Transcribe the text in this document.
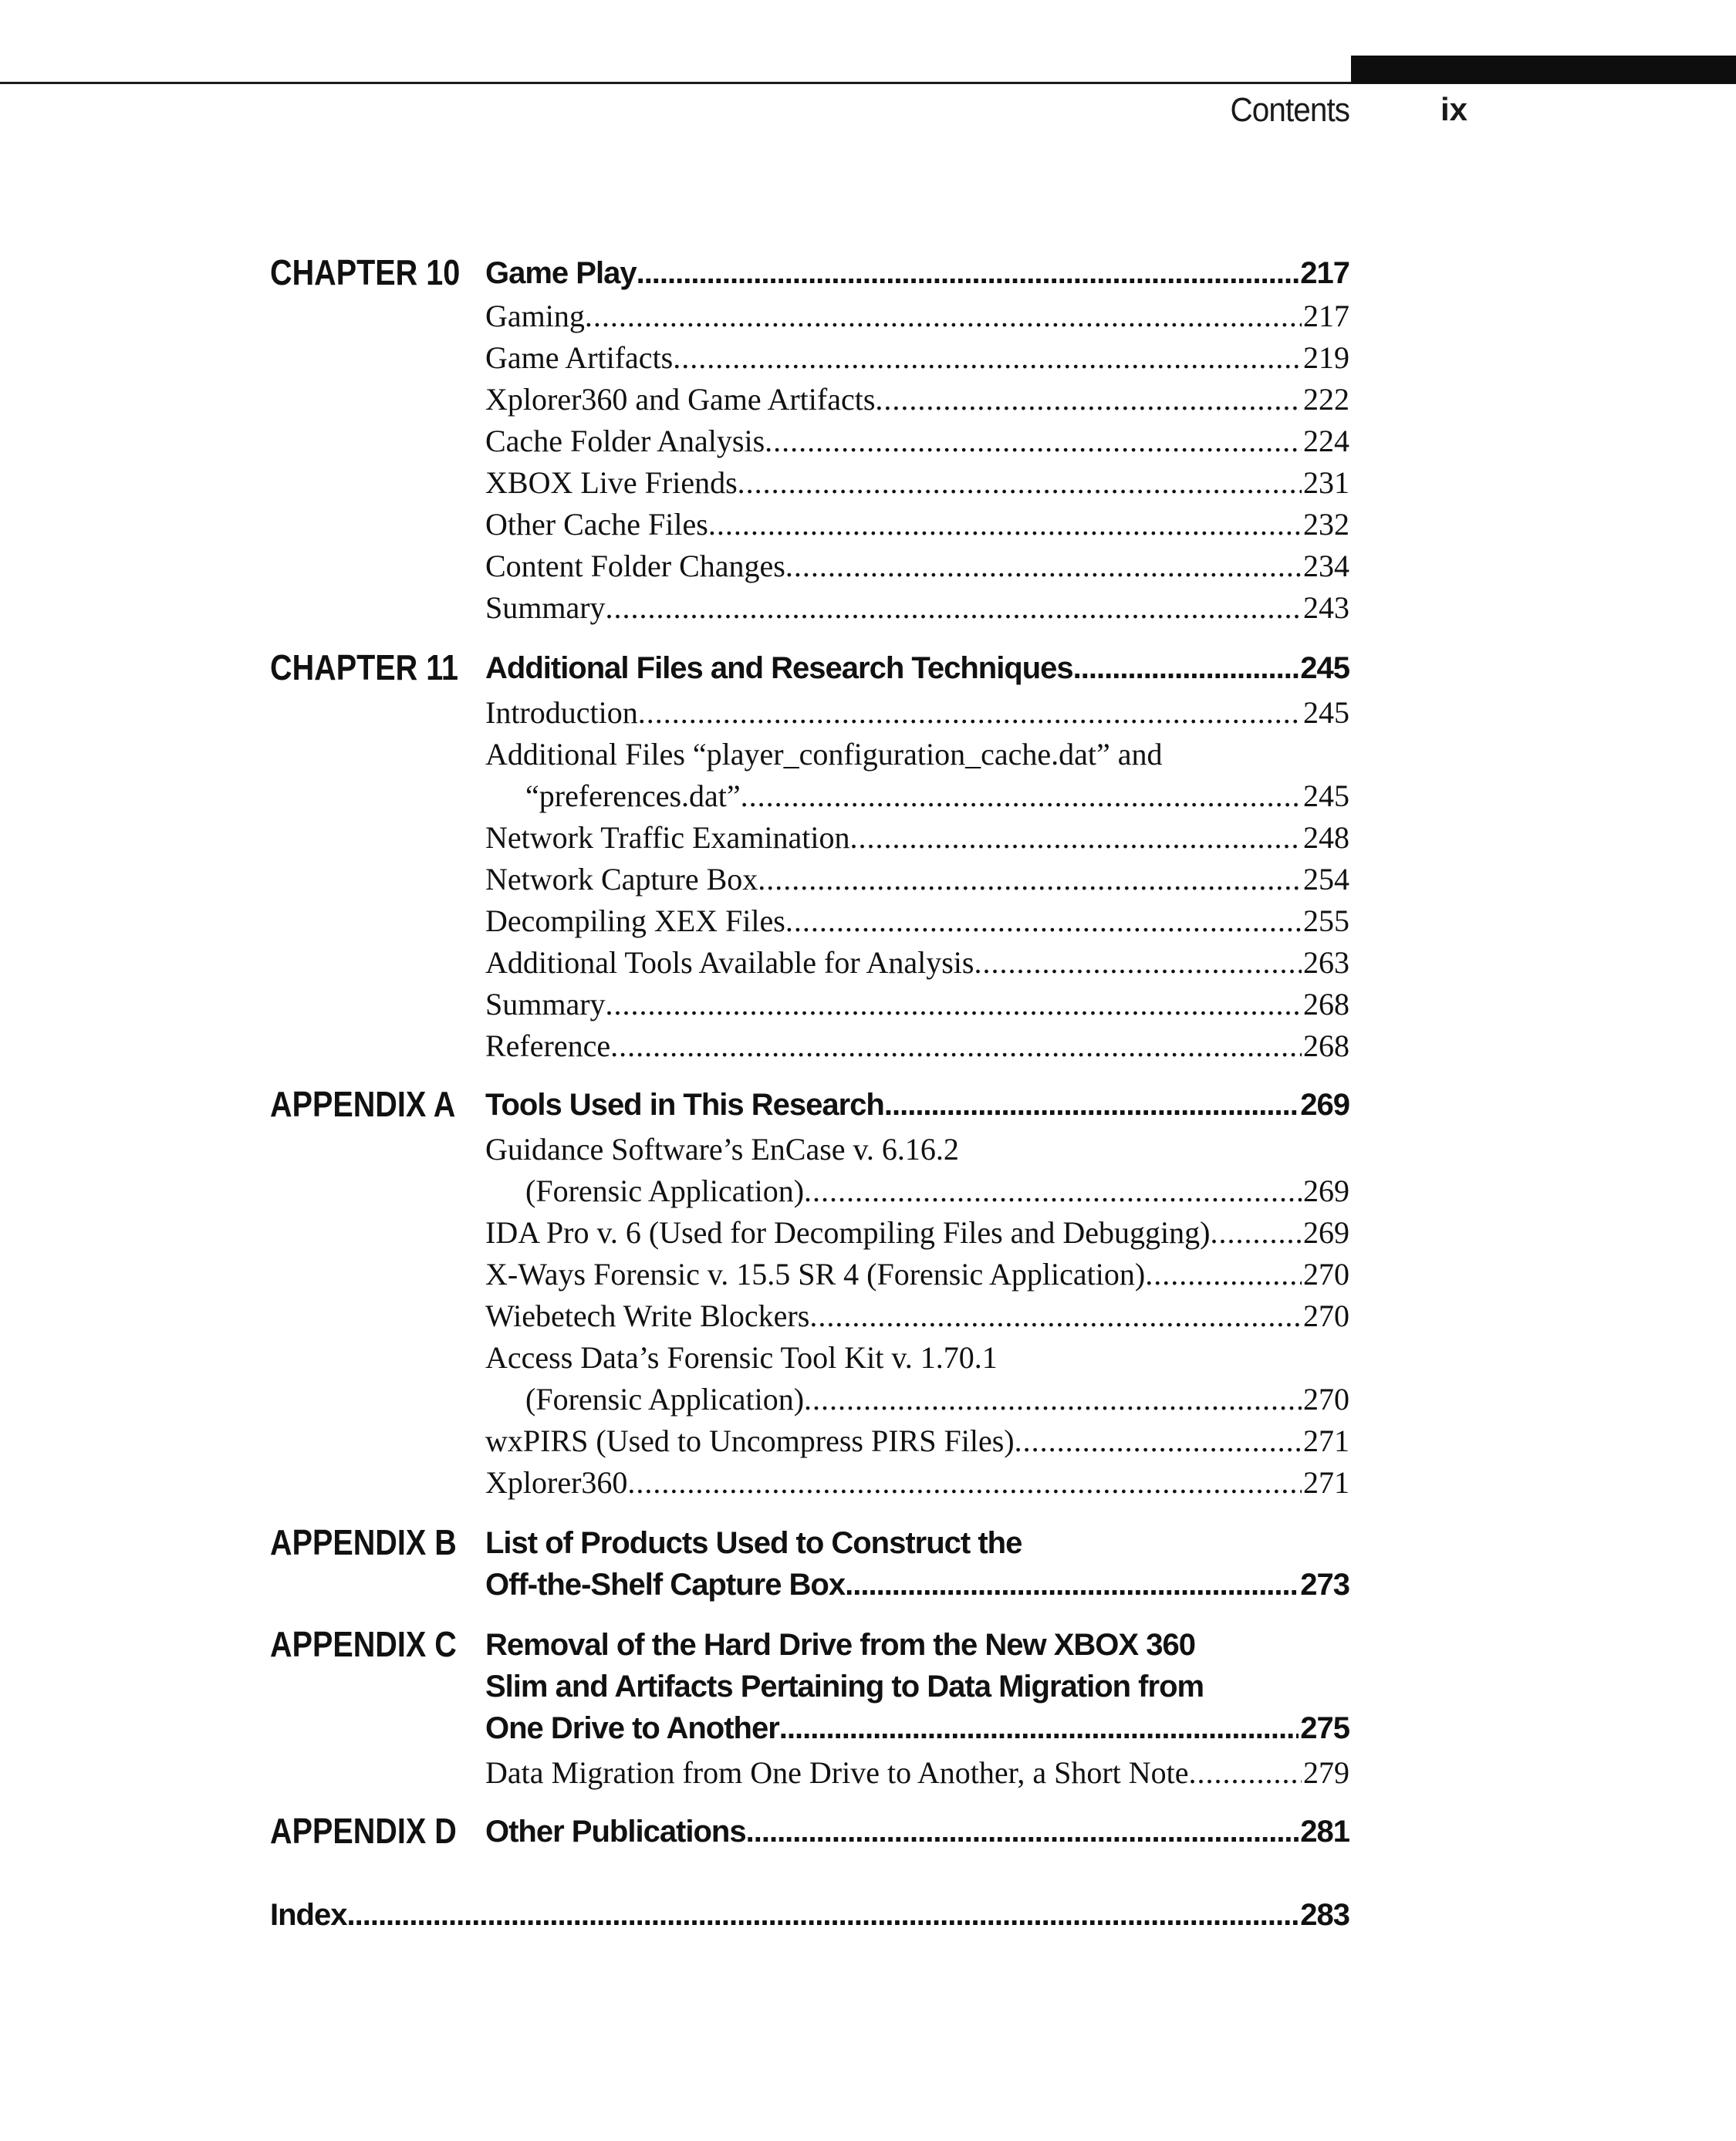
Contents	ix
CHAPTER 10 Game Play .....	217
Gaming .....	217
Game Artifacts .....	219
Xplorer360 and Game Artifacts .....	222
Cache Folder Analysis .....	224
XBOX Live Friends .....	231
Other Cache Files .....	232
Content Folder Changes .....	234
Summary .....	243
CHAPTER 11 Additional Files and Research Techniques .....	245
Introduction .....	245
Additional Files “player_configuration_cache.dat” and
“preferences.dat” .....	245
Network Traffic Examination .....	248
Network Capture Box .....	254
Decompiling XEX Files .....	255
Additional Tools Available for Analysis .....	263
Summary .....	268
Reference .....	268
APPENDIX A Tools Used in This Research .....	269
Guidance Software’s EnCase v. 6.16.2
(Forensic Application) .....	269
IDA Pro v. 6 (Used for Decompiling Files and Debugging) .....	269
X-Ways Forensic v. 15.5 SR 4 (Forensic Application) .....	270
Wiebetech Write Blockers .....	270
Access Data’s Forensic Tool Kit v. 1.70.1
(Forensic Application) .....	270
wxPIRS (Used to Uncompress PIRS Files) .....	271
Xplorer360 .....	271
APPENDIX B List of Products Used to Construct the
Off-the-Shelf Capture Box .....	273
APPENDIX C Removal of the Hard Drive from the New XBOX 360
Slim and Artifacts Pertaining to Data Migration from
One Drive to Another .....	275
Data Migration from One Drive to Another, a Short Note .....	279
APPENDIX D Other Publications .....	281
Index .....	283
